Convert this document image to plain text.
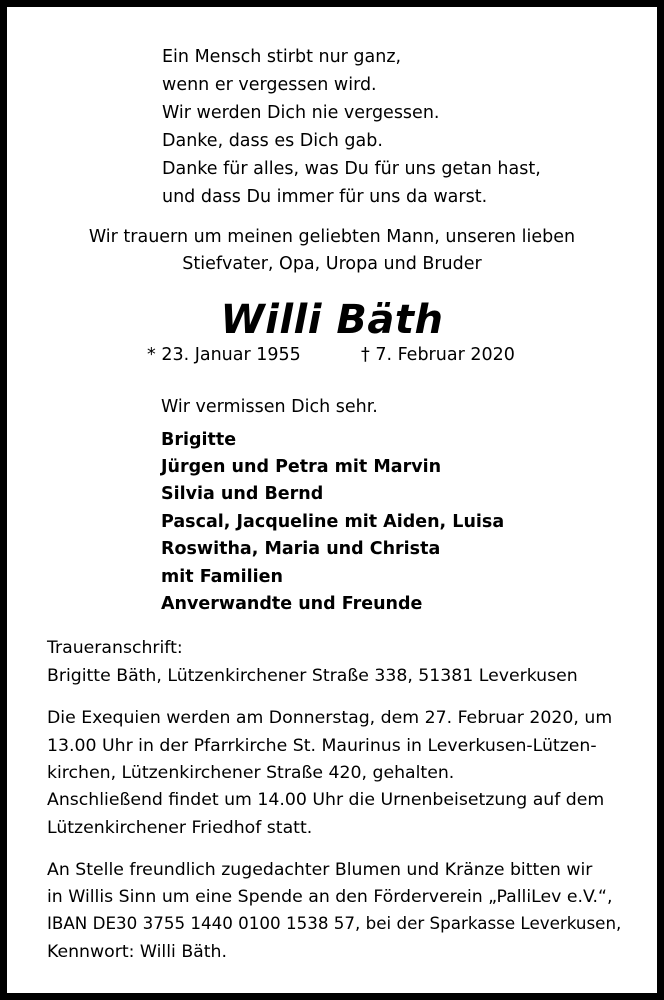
Ein Mensch stirbt nur ganz,
wenn er vergessen wird.
Wir werden Dich nie vergessen.
Danke, dass es Dich gab.
Danke für alles, was Du für uns getan hast,
und dass Du immer für uns da warst.
Wir trauern um meinen geliebten Mann, unseren lieben
Stiefvater, Opa, Uropa und Bruder
Willi Bäth
* 23. Januar 1955	† 7. Februar 2020
Wir vermissen Dich sehr.
Brigitte
Jürgen und Petra mit Marvin
Silvia und Bernd
Pascal, Jacqueline mit Aiden, Luisa
Roswitha, Maria und Christa
mit Familien
Anverwandte und Freunde
Traueranschrift:
Brigitte Bäth, Lützenkirchener Straße 338, 51381 Leverkusen
Die Exequien werden am Donnerstag, dem 27. Februar 2020, um
13.00 Uhr in der Pfarrkirche St. Maurinus in Leverkusen-Lützen-
kirchen, Lützenkirchener Straße 420, gehalten.
Anschließend findet um 14.00 Uhr die Urnenbeisetzung auf dem
Lützenkirchener Friedhof statt.
An Stelle freundlich zugedachter Blumen und Kränze bitten wir
in Willis Sinn um eine Spende an den Förderverein „PalliLev e.V.“,
IBAN DE30 3755 1440 0100 1538 57, bei der Sparkasse Leverkusen,
Kennwort: Willi Bäth.
